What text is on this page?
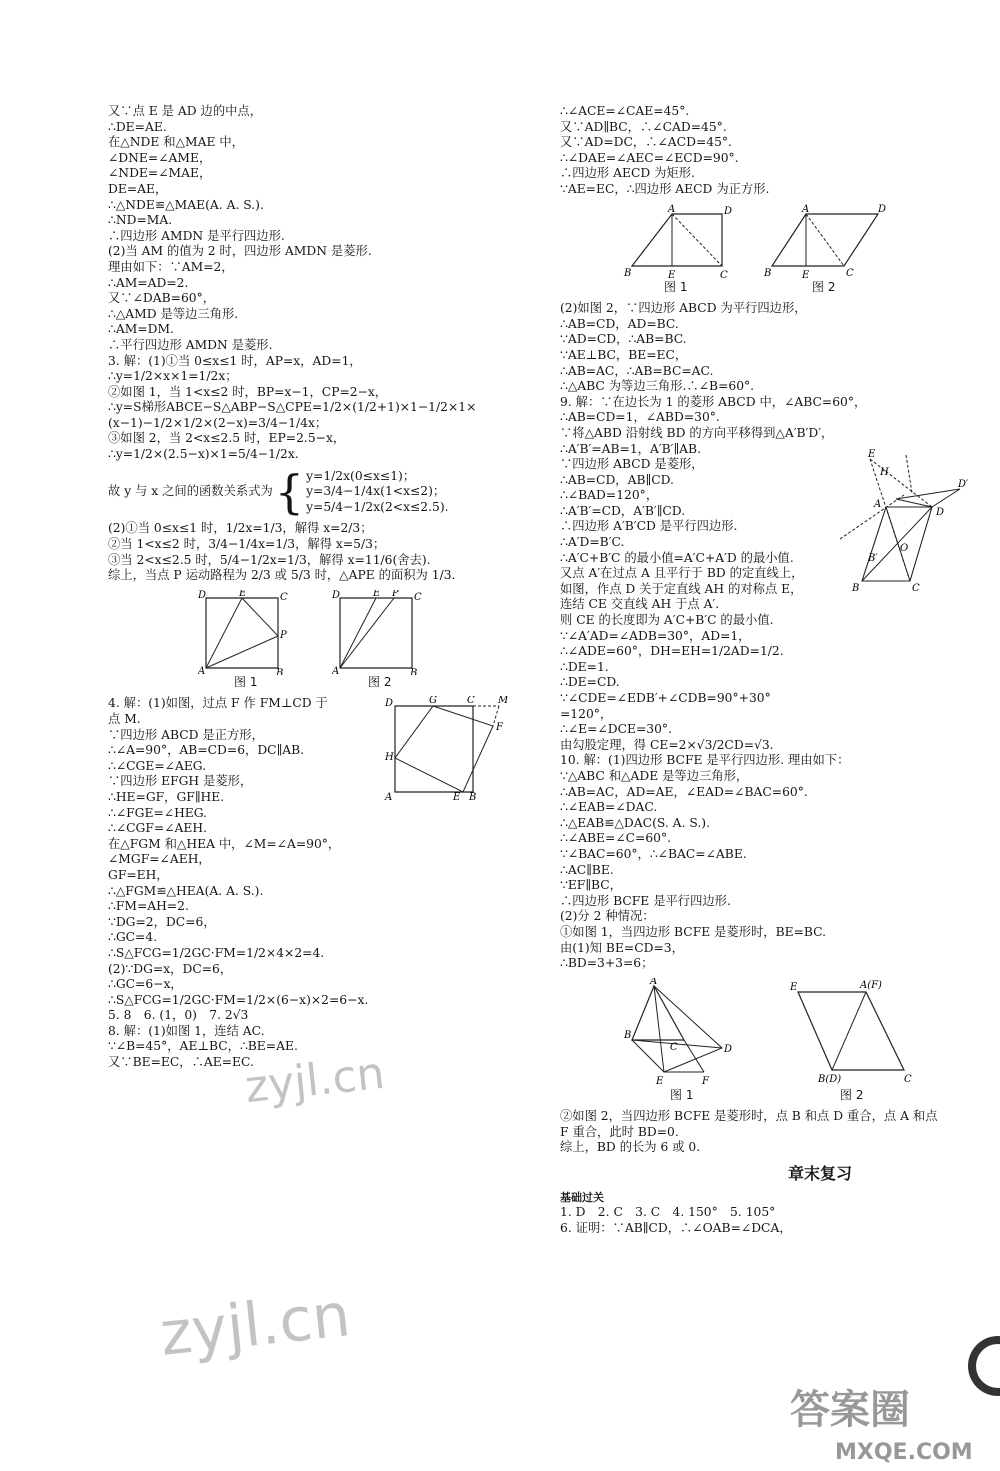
又∵点 E 是 AD 边的中点，
∴DE=AE.
在△NDE 和△MAE 中，
∠DNE=∠AME，
∠NDE=∠MAE，
DE=AE，
∴△NDE≌△MAE(A. A. S.).
∴ND=MA.
∴四边形 AMDN 是平行四边形.
(2)当 AM 的值为 2 时，四边形 AMDN 是菱形.
理由如下：∵AM=2，
∴AM=AD=2.
又∵∠DAB=60°，
∴△AMD 是等边三角形.
∴AM=DM.
∴平行四边形 AMDN 是菱形.
3. 解：(1)①当 0≤x≤1 时，AP=x，AD=1，
∴y=1/2×x×1=1/2x；
②如图 1，当 1<x≤2 时，BP=x−1，CP=2−x，
∴y=S梯形ABCE−S△ABP−S△CPE=1/2×(1/2+1)×1−1/2×1×
(x−1)−1/2×1/2×(2−x)=3/4−1/4x；
③如图 2，当 2<x≤2.5 时，EP=2.5−x，
∴y=1/2×(2.5−x)×1=5/4−1/2x.
故 y 与 x 之间的函数关系式为 { y=1/2x(0≤x≤1)；
y=3/4−1/4x(1<x≤2)；
y=5/4−1/2x(2<x≤2.5).
(2)①当 0≤x≤1 时，1/2x=1/3，解得 x=2/3；
②当 1<x≤2 时，3/4−1/4x=1/3，解得 x=5/3；
③当 2<x≤2.5 时，5/4−1/2x=1/3，解得 x=11/6(舍去).
综上，当点 P 运动路程为 2/3 或 5/3 时，△APE 的面积为 1/3.
D	E	C
P
A	B
图 1
D	E P C
A	B
图 2
D	G	C M
F
H
A	E B
4. 解：(1)如图，过点 F 作 FM⊥CD 于
点 M.
∵四边形 ABCD 是正方形，
∴∠A=90°，AB=CD=6，DC∥AB.
∴∠CGE=∠AEG.
∵四边形 EFGH 是菱形，
∴HE=GF，GF∥HE.
∴∠FGE=∠HEG.
∴∠CGF=∠AEH.
在△FGM 和△HEA 中，∠M=∠A=90°，
∠MGF=∠AEH，
GF=EH，
∴△FGM≌△HEA(A. A. S.).
∴FM=AH=2.
∵DG=2，DC=6，
∴GC=4.
∴S△FCG=1/2GC·FM=1/2×4×2=4.
(2)∵DG=x，DC=6，
∴GC=6−x，
∴S△FCG=1/2GC·FM=1/2×(6−x)×2=6−x.
5. 8　6. (1，0)　7. 2√3
8. 解：(1)如图 1，连结 AC.
∵∠B=45°，AE⊥BC，∴BE=AE.
又∵BE=EC，∴AE=EC.
∴∠ACE=∠CAE=45°.
又∵AD∥BC，∴∠CAD=45°.
又∵AD=DC，∴∠ACD=45°.
∴∠DAE=∠AEC=∠ECD=90°.
∴四边形 AECD 为矩形.
∵AE=EC，∴四边形 AECD 为正方形.
A	D
B	E	C
图 1
A	D
B	E	C
图 2
E
H
D′
A
D
O
B′
B	C
(2)如图 2，∵四边形 ABCD 为平行四边形，
∴AB=CD，AD=BC.
∵AD=CD，∴AB=BC.
∵AE⊥BC，BE=EC，
∴AB=AC，∴AB=BC=AC.
∴△ABC 为等边三角形.∴∠B=60°.
9. 解：∵在边长为 1 的菱形 ABCD 中，∠ABC=60°，
∴AB=CD=1，∠ABD=30°.
∵将△ABD 沿射线 BD 的方向平移得到△A′B′D′，
∴A′B′=AB=1，A′B′∥AB.
∵四边形 ABCD 是菱形，
∴AB=CD，AB∥CD.
∴∠BAD=120°，
∴A′B′=CD，A′B′∥CD.
∴四边形 A′B′CD 是平行四边形.
∴A′D=B′C.
∴A′C+B′C 的最小值=A′C+A′D 的最小值.
又点 A′在过点 A 且平行于 BD 的定直线上，
如图，作点 D 关于定直线 AH 的对称点 E，
连结 CE 交直线 AH 于点 A′.
则 CE 的长度即为 A′C+B′C 的最小值.
∵∠A′AD=∠ADB=30°，AD=1，
∴∠ADE=60°，DH=EH=1/2AD=1/2.
∴DE=1.
∴DE=CD.
∵∠CDE=∠EDB′+∠CDB=90°+30°
=120°，
∴∠E=∠DCE=30°.
由勾股定理，得 CE=2×√3/2CD=√3.
10. 解：(1)四边形 BCFE 是平行四边形. 理由如下：
∵△ABC 和△ADE 是等边三角形，
∴AB=AC，AD=AE，∠EAD=∠BAC=60°.
∴∠EAB=∠DAC.
∴△EAB≌△DAC(S. A. S.).
∴∠ABE=∠C=60°.
∵∠BAC=60°，∴∠BAC=∠ABE.
∴AC∥BE.
∵EF∥BC，
∴四边形 BCFE 是平行四边形.
(2)分 2 种情况：
①如图 1，当四边形 BCFE 是菱形时，BE=BC.
由(1)知 BE=CD=3，
∴BD=3+3=6；
A
B
C	D
E	F
图 1
E	A(F)
B(D)	C
图 2
②如图 2，当四边形 BCFE 是菱形时，点 B 和点 D 重合，点 A 和点
F 重合，此时 BD=0.
综上，BD 的长为 6 或 0.
章末复习
基础过关
1. D　2. C　3. C　4. 150°　5. 105°
6. 证明：∵AB∥CD，∴∠OAB=∠DCA，
zyjl.cn
zyjl.cn
答案圈
MXQE.COM
